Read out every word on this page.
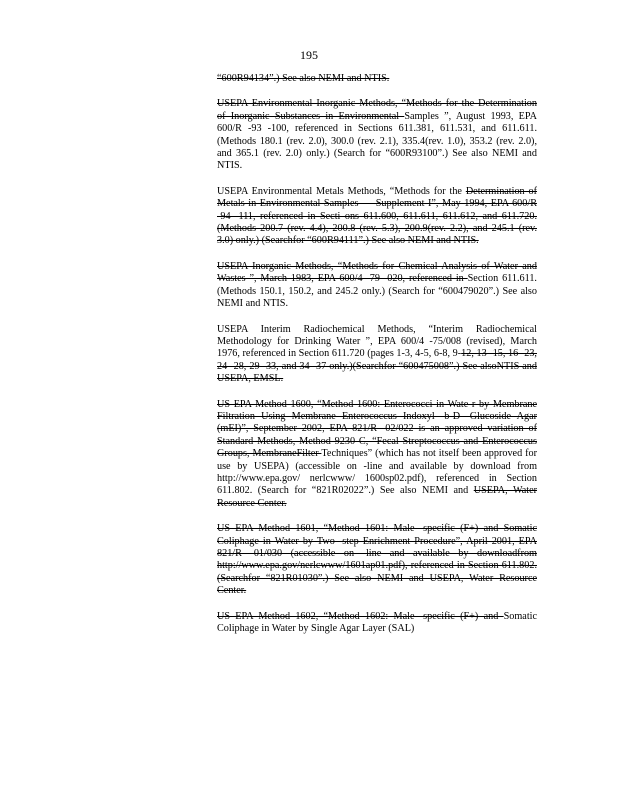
195

“600R94134”.) See also NEMI and NTIS.

USEPA Environmental Inorganic Methods, “Methods for the Determination of Inorganic Substances in Environmental Samples ”, August 1993, EPA 600/R -93 -100, referenced in Sections 611.381, 611.531, and 611.611. (Methods 180.1 (rev. 2.0), 300.0 (rev. 2.1), 335.4(rev. 1.0), 353.2 (rev. 2.0), and 365.1 (rev. 2.0) only.) (Search for “600R93100”.) See also NEMI and NTIS.

USEPA Environmental Metals Methods, “Methods for the Determination of Metals in Environmental Samples — Supplement I”, May 1994, EPA 600/R -94 -111, referenced in Secti ons 611.600, 611.611, 611.612, and 611.720. (Methods 200.7 (rev. 4.4), 200.8 (rev. 5.3), 200.9(rev. 2.2), and 245.1 (rev. 3.0) only.) (Searchfor “600R94111”.) See also NEMI and NTIS.

USEPA Inorganic Methods, “Methods for Chemical Analysis of Water and Wastes ”, March 1983, EPA 600/4 -79 -020, referenced in Section 611.611. (Methods 150.1, 150.2, and 245.2 only.) (Search for “600479020”.) See also NEMI and NTIS.

USEPA Interim Radiochemical Methods, “Interim Radiochemical Methodology for Drinking Water ”, EPA 600/4 -75/008 (revised), March 1976, referenced in Section 611.720 (pages 1-3, 4-5, 6-8, 9-12, 13 -15, 16 -23, 24 -28, 29 -33, and 34 -37 only.)(Searchfor “600475008”.) See alsoNTIS and USEPA, EMSL.

US EPA Method 1600, “Method 1600: Enterococci in Wate r by Membrane Filtration Using Membrane Enterococcus Indoxyl -b-D -Glucoside Agar (mEI)”, September 2002, EPA 821/R -02/022 is an approved variation of Standard Methods, Method 9230 C, “Fecal Streptococcus and Enterococcus Groups, MembraneFilter Techniques” (which has not itself been approved for use by USEPA) (accessible on -line and available by download from http://www.epa.gov/ nerlcwww/ 1600sp02.pdf), referenced in Section 611.802. (Search for “821R02022”.) See also NEMI and USEPA, Water Resource Center.

US EPA Method 1601, “Method 1601: Male -specific (F+) and Somatic Coliphage in Water by Two -step Enrichment Procedure”, April 2001, EPA 821/R -01/030 (accessible on -line and available by downloadfrom http://www.epa.gov/nerlcwww/1601ap01.pdf), referenced in Section 611.802. (Searchfor “821R01030”.) See also NEMI and USEPA, Water Resource Center.

US EPA Method 1602, “Method 1602: Male -specific (F+) and Somatic Coliphage in Water by Single Agar Layer (SAL)
